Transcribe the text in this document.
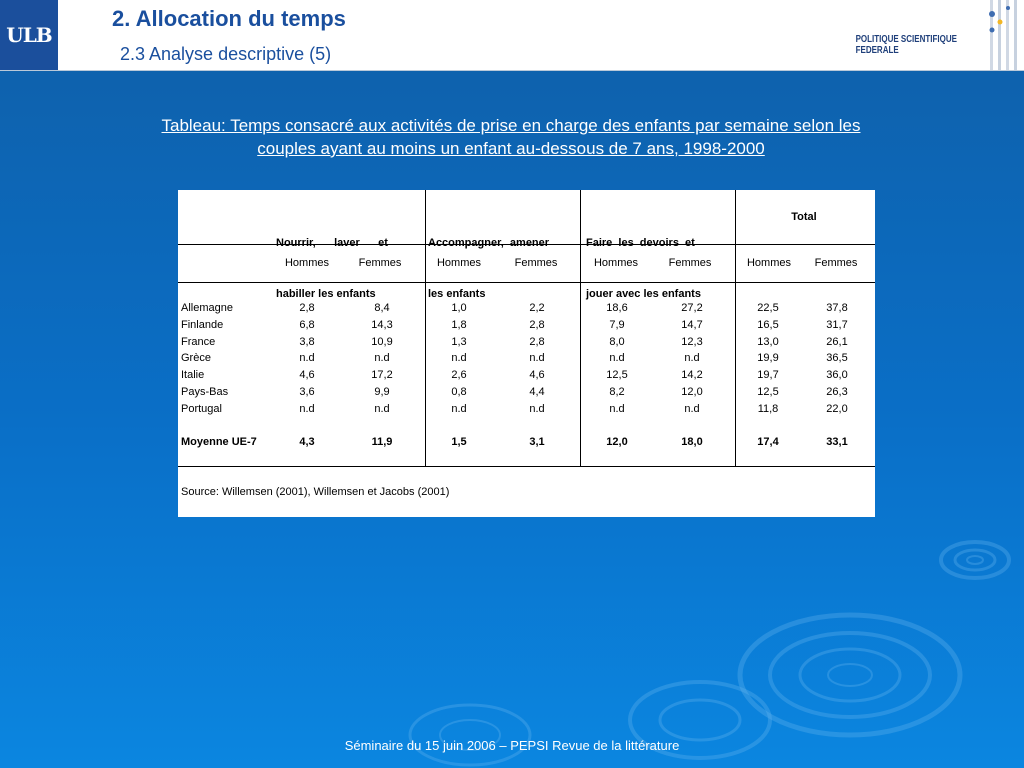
ULB
2. Allocation du temps
2.3 Analyse descriptive (5)
POLITIQUE SCIENTIFIQUE FEDERALE
Tableau: Temps consacré aux activités de prise en charge des enfants par semaine selon les
couples ayant au moins un enfant au-dessous de 7 ans, 1998-2000

Nourrir,      laver      et

habiller les enfants

Accompagner,  amener

les enfants

Faire  les  devoirs  et

jouer avec les enfants

Total
Hommes	Femmes	Hommes	Femmes	Hommes	Femmes	Hommes	Femmes
Allemagne	2,8	8,4	1,0	2,2	18,6	27,2	22,5	37,8
Finlande	6,8	14,3	1,8	2,8	7,9	14,7	16,5	31,7
France	3,8	10,9	1,3	2,8	8,0	12,3	13,0	26,1
Grèce	n.d	n.d	n.d	n.d	n.d	n.d	19,9	36,5
Italie	4,6	17,2	2,6	4,6	12,5	14,2	19,7	36,0
Pays-Bas	3,6	9,9	0,8	4,4	8,2	12,0	12,5	26,3
Portugal	n.d	n.d	n.d	n.d	n.d	n.d	11,8	22,0
Moyenne UE-7	4,3	11,9	1,5	3,1	12,0	18,0	17,4	33,1
Source: Willemsen (2001), Willemsen et Jacobs (2001)
Séminaire du 15 juin 2006 – PEPSI Revue de la littérature
